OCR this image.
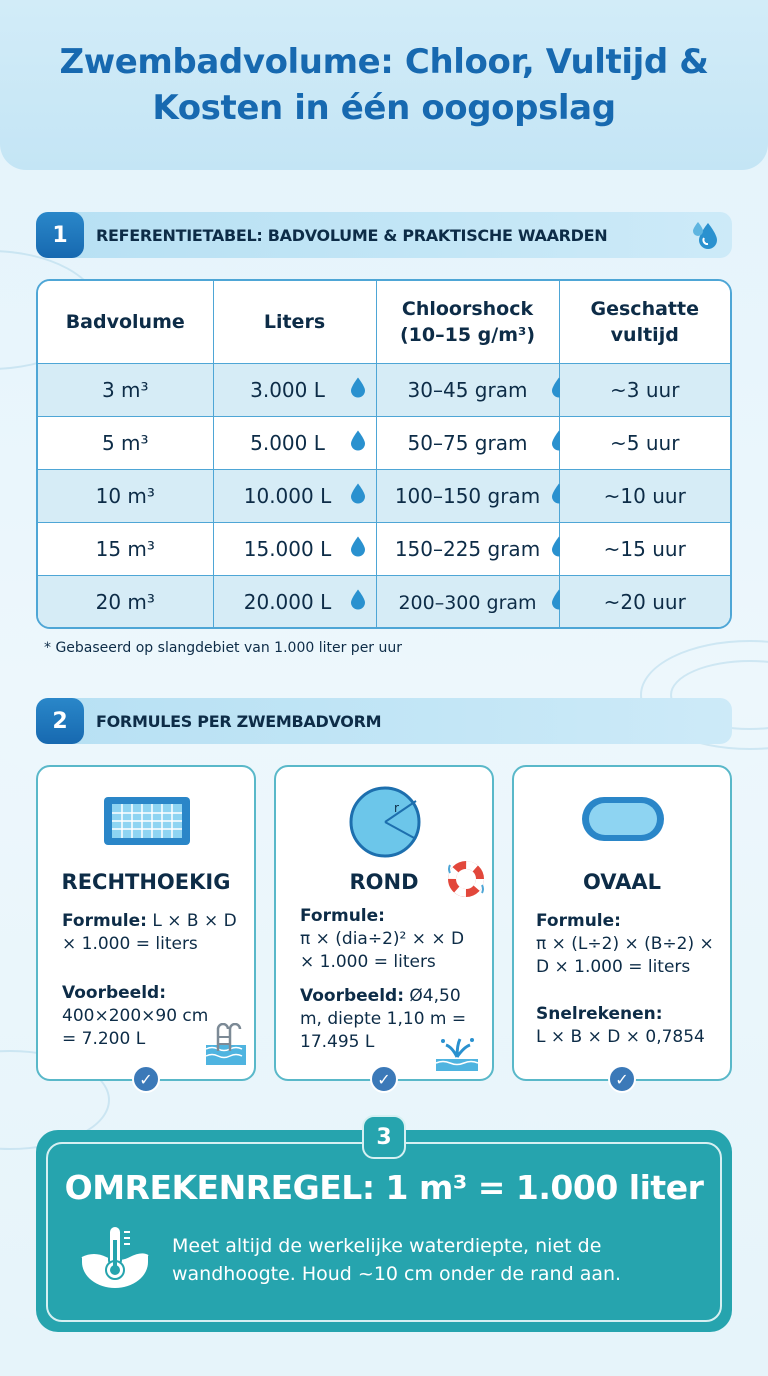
Zwembadvolume: Chloor, Vultijd & Kosten in één oogopslag
1	REFERENTIETABEL: BADVOLUME & PRAKTISCHE WAARDEN
Badvolume	Liters	Chloorshock (10–15 g/m³)	Geschatte vultijd
3 m³	3.000 L	30–45 gram	~3 uur
5 m³	5.000 L	50–75 gram	~5 uur
10 m³	10.000 L	100–150 gram	~10 uur
15 m³	15.000 L	150–225 gram	~15 uur
20 m³	20.000 L	200–300 gram	~20 uur
* Gebaseerd op slangdebiet van 1.000 liter per uur
2	FORMULES PER ZWEMBADVORM
RECHTHOEKIG
Formule: L × B × D × 1.000 = liters
Voorbeeld:
400×200×90 cm = 7.200 L
✓
r
ROND
Formule:
π × (dia÷2)² × × D × 1.000 = liters
Voorbeeld: Ø4,50 m, diepte 1,10 m = 17.495 L
✓
OVAAL
Formule:
π × (L÷2) × (B÷2) × D × 1.000 = liters
Snelrekenen:
L × B × D × 0,7854
✓
3
OMREKENREGEL: 1 m³ = 1.000 liter
Meet altijd de werkelijke waterdiepte, niet de wandhoogte. Houd ~10 cm onder de rand aan.
